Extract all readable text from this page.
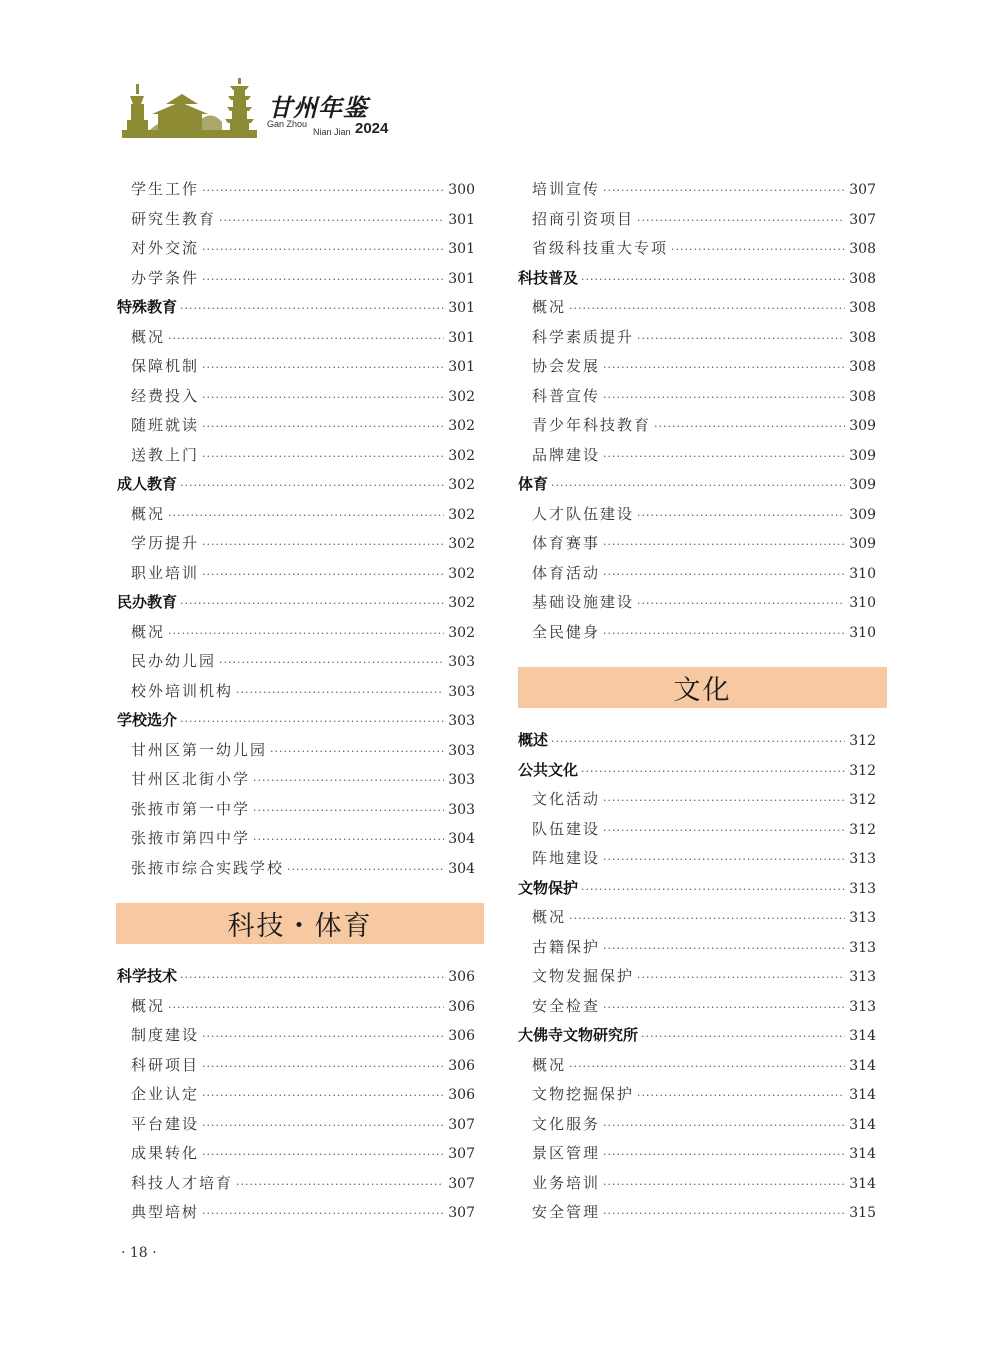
甘州年鉴
Gan Zhou
Nian Jian 2024
学生工作 ·····	300
研究生教育 ·····	301
对外交流 ·····	301
办学条件 ·····	301
特殊教育 ·····	301
概况 ·····	301
保障机制 ·····	301
经费投入 ·····	302
随班就读 ·····	302
送教上门 ·····	302
成人教育 ·····	302
概况 ·····	302
学历提升 ·····	302
职业培训 ·····	302
民办教育 ·····	302
概况 ·····	302
民办幼儿园 ·····	303
校外培训机构 ·····	303
学校选介 ·····	303
甘州区第一幼儿园 ·····	303
甘州区北街小学 ·····	303
张掖市第一中学 ·····	303
张掖市第四中学 ·····	304
张掖市综合实践学校 ·····	304
科技・体育
科学技术 ·····	306
概况 ·····	306
制度建设 ·····	306
科研项目 ·····	306
企业认定 ·····	306
平台建设 ·····	307
成果转化 ·····	307
科技人才培育 ·····	307
典型培树 ·····	307
培训宣传 ·····	307
招商引资项目 ·····	307
省级科技重大专项 ·····	308
科技普及 ·····	308
概况 ·····	308
科学素质提升 ·····	308
协会发展 ·····	308
科普宣传 ·····	308
青少年科技教育 ·····	309
品牌建设 ·····	309
体育 ·····	309
人才队伍建设 ·····	309
体育赛事 ·····	309
体育活动 ·····	310
基础设施建设 ·····	310
全民健身 ·····	310
文化
概述 ·····	312
公共文化 ·····	312
文化活动 ·····	312
队伍建设 ·····	312
阵地建设 ·····	313
文物保护 ·····	313
概况 ·····	313
古籍保护 ·····	313
文物发掘保护 ·····	313
安全检查 ·····	313
大佛寺文物研究所 ·····	314
概况 ·····	314
文物挖掘保护 ·····	314
文化服务 ·····	314
景区管理 ·····	314
业务培训 ·····	314
安全管理 ·····	315
· 18 ·
